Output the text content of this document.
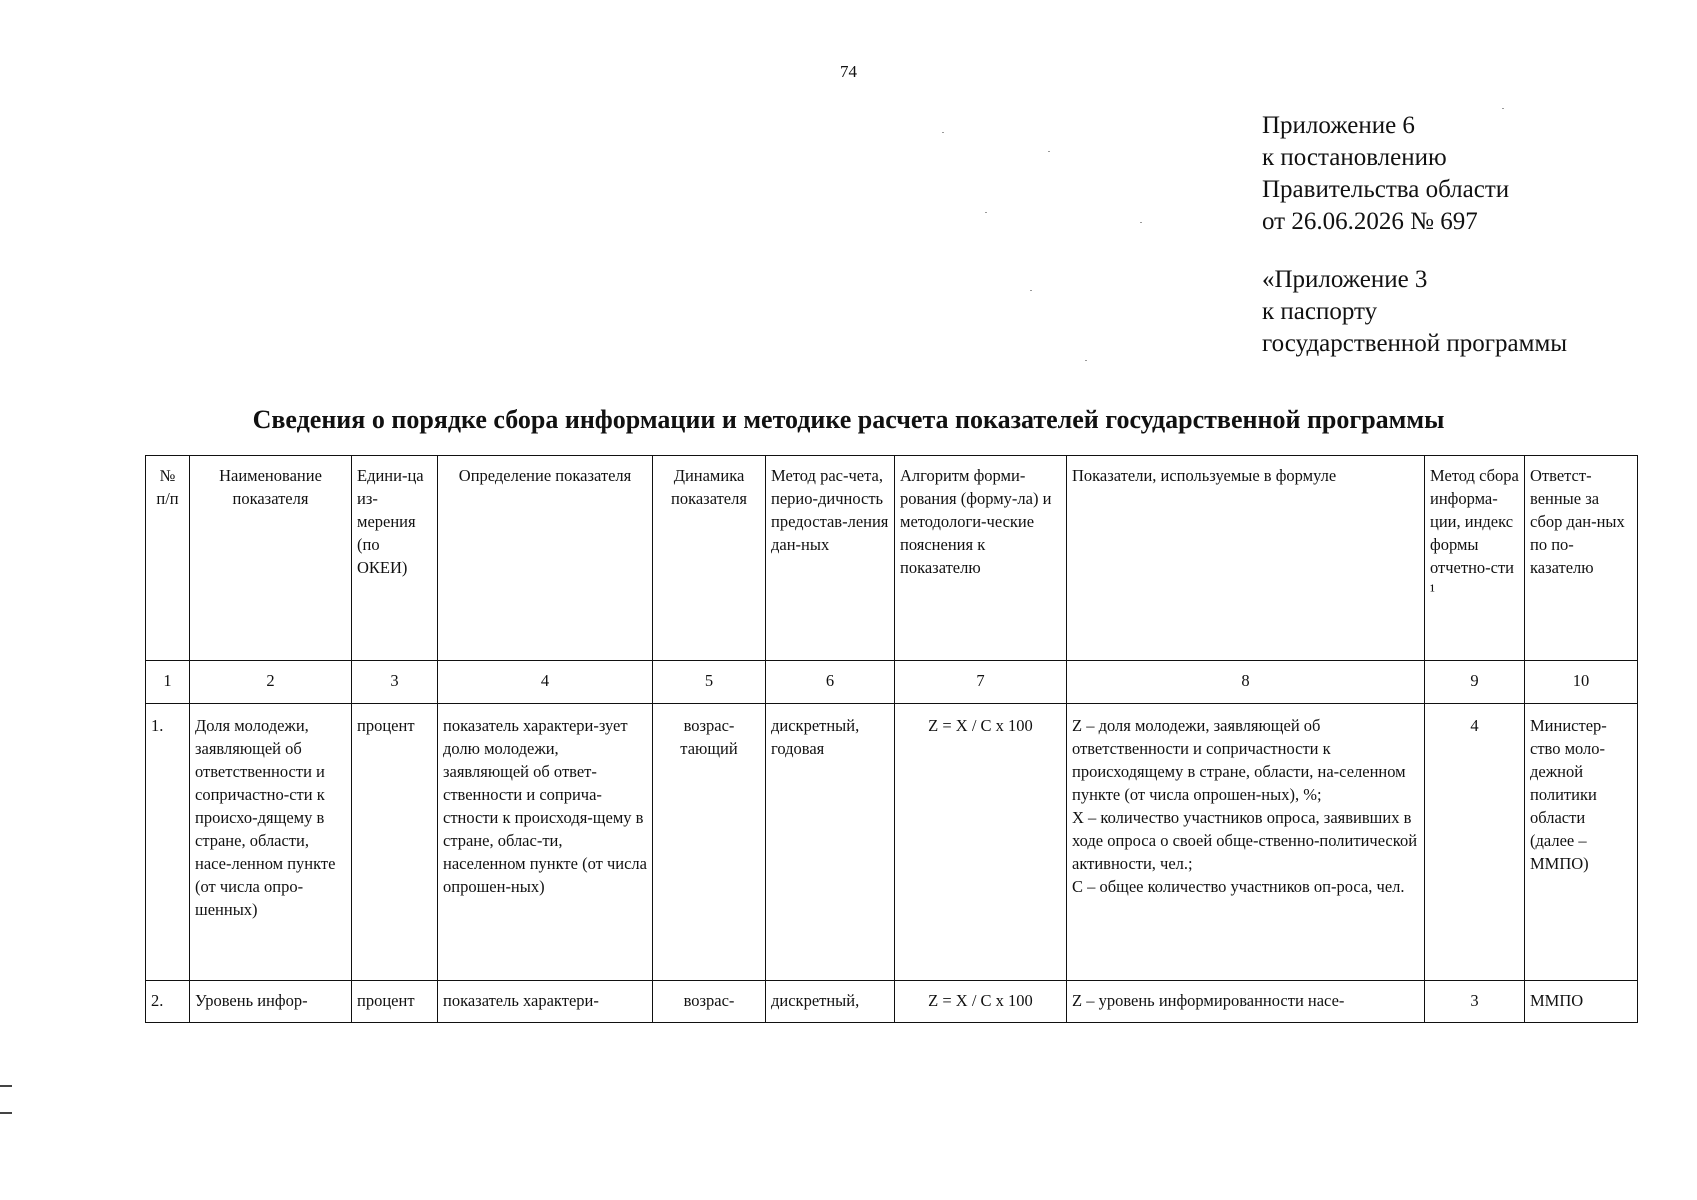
74
Приложение 6
к постановлению
Правительства области
от 26.06.2026 № 697
«Приложение 3
к паспорту
государственной программы
Сведения о порядке сбора информации и методике расчета показателей государственной программы
№ п/п	Наименование показателя	Едини-ца из-мерения (по ОКЕИ)	Определение показателя	Динамика показателя	Метод рас-чета, перио-дичность предостав-ления дан-ных	Алгоритм форми-рования (форму-ла) и методологи-ческие пояснения к показателю	Показатели, используемые в формуле	Метод сбора информа-ции, индекс формы отчетно-сти ¹	Ответст-венные за сбор дан-ных по по-казателю
1	2	3	4	5	6	7	8	9	10
1.	Доля молодежи, заявляющей об ответственности и сопричастно-сти к происхо-дящему в стране, области, насе-ленном пункте (от числа опро-шенных)	процент	показатель характери-зует долю молодежи, заявляющей об ответ-ственности и соприча-стности к происходя-щему в стране, облас-ти, населенном пункте (от числа опрошен-ных)	возрас-тающий	дискретный, годовая	Z = X / C x 100	Z – доля молодежи, заявляющей об ответственности и сопричастности к происходящему в стране, области, на-селенном пункте (от числа опрошен-ных), %;
X – количество участников опроса, заявивших в ходе опроса о своей обще-ственно-политической активности, чел.;
C – общее количество участников оп-роса, чел.	4	Министер-ство моло-дежной политики области (далее – ММПО)
2.	Уровень инфор-	процент	показатель характери-	возрас-	дискретный,	Z = X / C x 100	Z – уровень информированности насе-	3	ММПО
